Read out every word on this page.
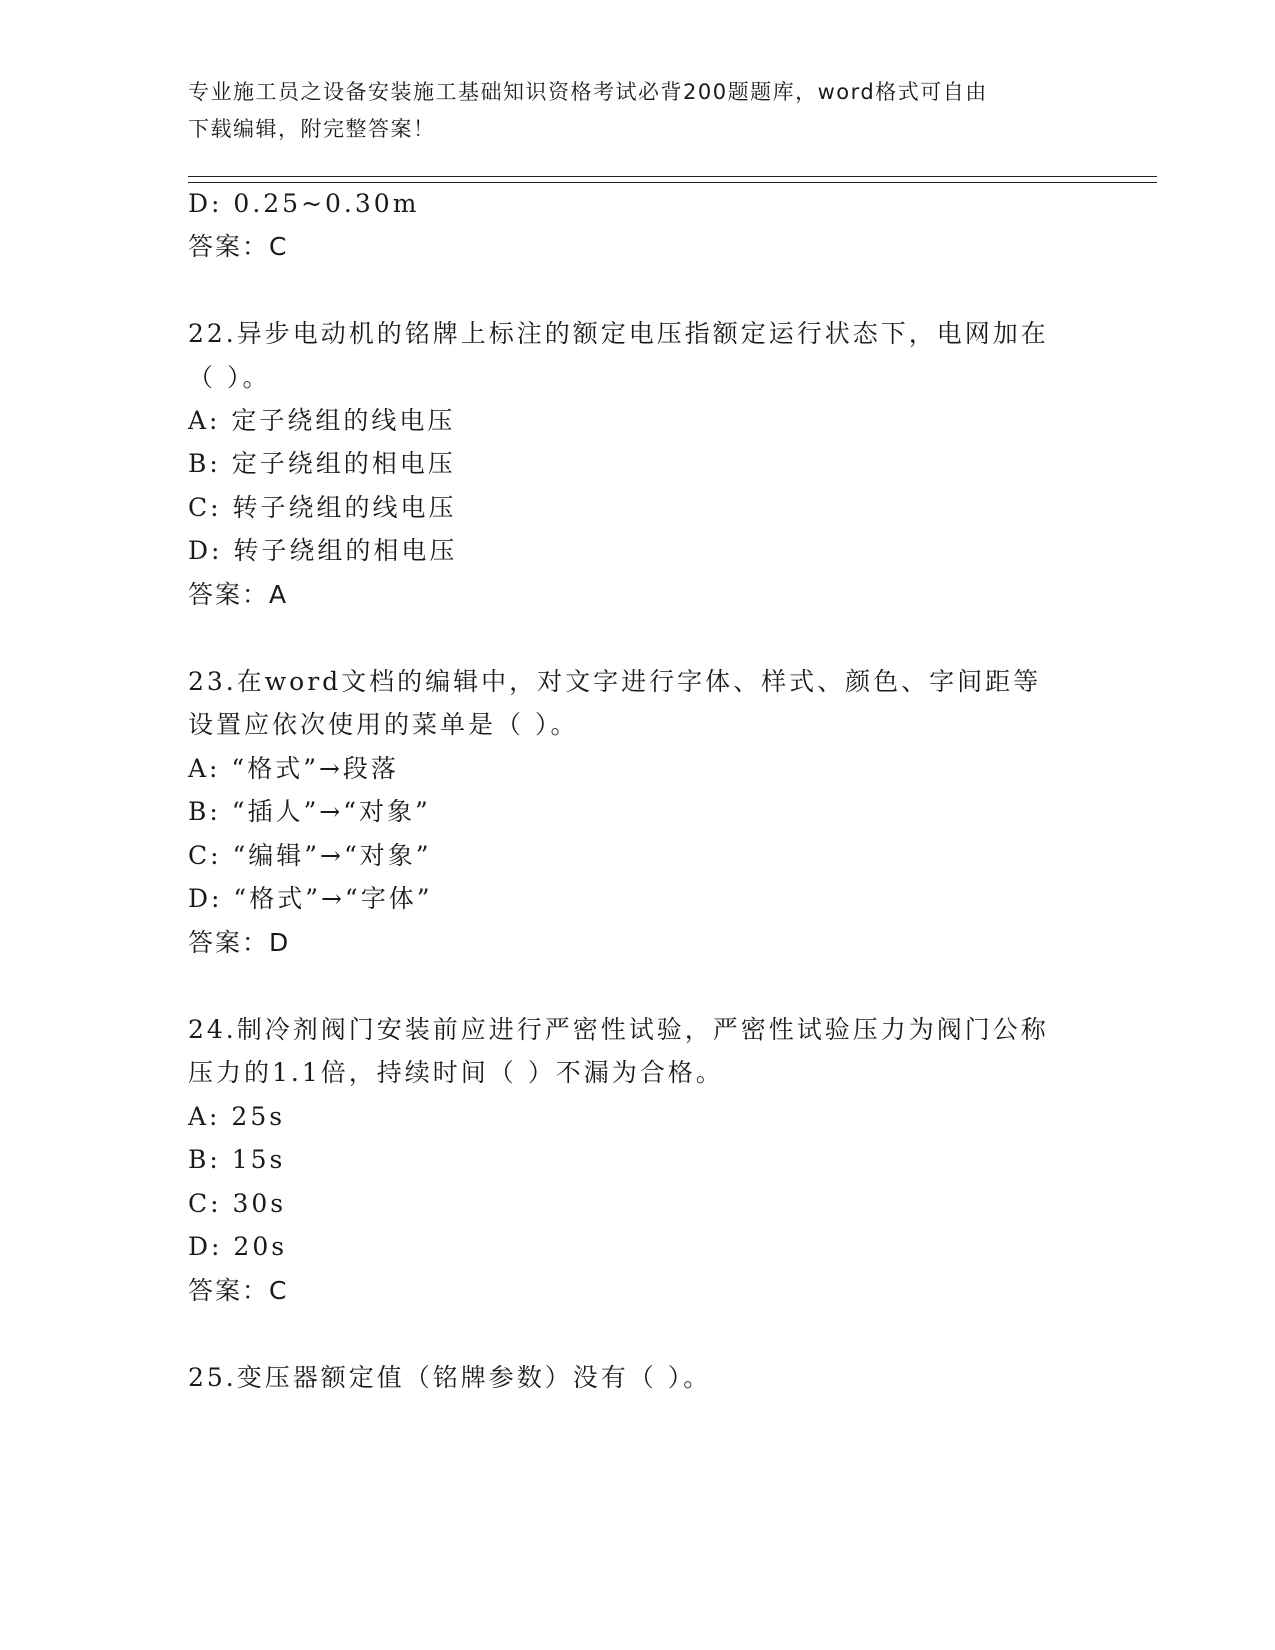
专业施工员之设备安装施工基础知识资格考试必背200题题库，word格式可自由
下载编辑，附完整答案！
D: 0.25~0.30m
答案：C
22.异步电动机的铭牌上标注的额定电压指额定运行状态下，电网加在
（ ）。
A: 定子绕组的线电压
B: 定子绕组的相电压
C: 转子绕组的线电压
D: 转子绕组的相电压
答案：A
23.在word文档的编辑中，对文字进行字体、样式、颜色、字间距等
设置应依次使用的菜单是（ ）。
A: “格式”→段落
B: “插人”→“对象”
C: “编辑”→“对象”
D: “格式”→“字体”
答案：D
24.制冷剂阀门安装前应进行严密性试验，严密性试验压力为阀门公称
压力的1.1倍，持续时间（ ）不漏为合格。
A: 25s
B: 15s
C: 30s
D: 20s
答案：C
25.变压器额定值（铭牌参数）没有（ ）。
